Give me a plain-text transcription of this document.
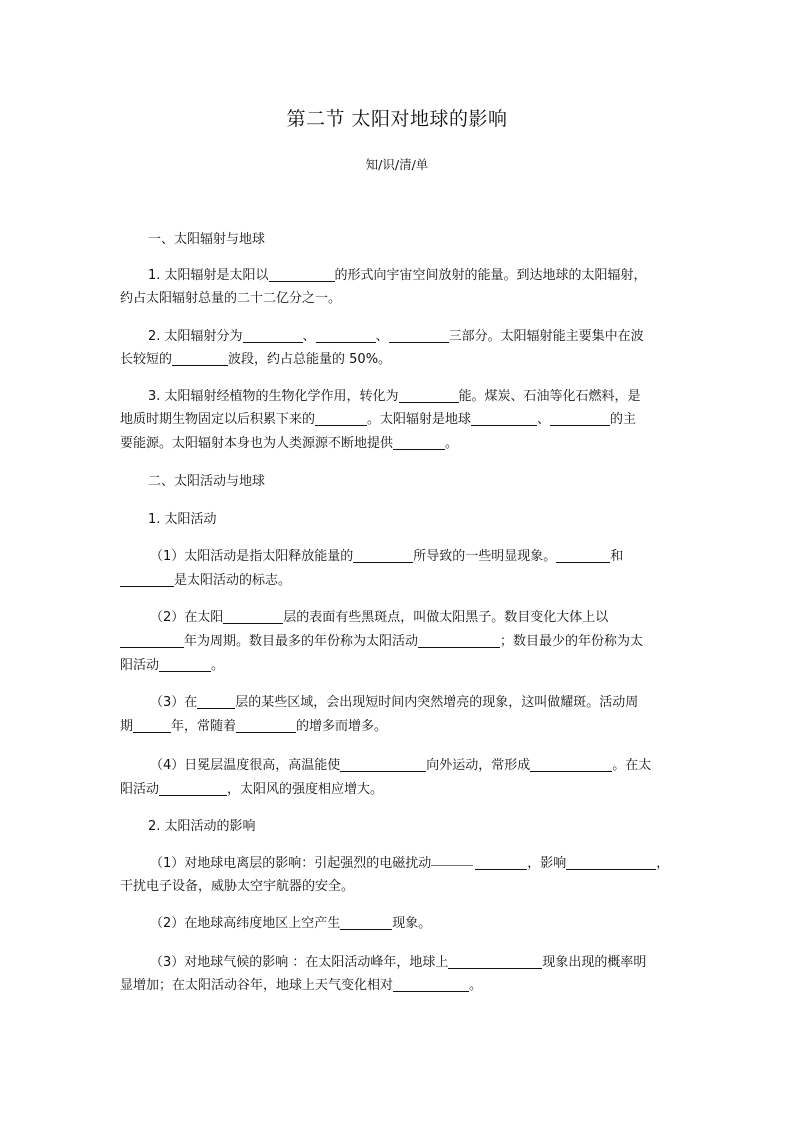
第二节 太阳对地球的影响
知/识/清/单
一、太阳辐射与地球
1. 太阳辐射是太阳以	的形式向宇宙空间放射的能量。到达地球的太阳辐射，
约占太阳辐射总量的二十二亿分之一。
2. 太阳辐射分为	、	、	三部分。太阳辐射能主要集中在波
长较短的	波段，约占总能量的 50%。
3. 太阳辐射经植物的生物化学作用，转化为	能。煤炭、石油等化石燃料，是
地质时期生物固定以后积累下来的	。太阳辐射是地球	、	的主
要能源。太阳辐射本身也为人类源源不断地提供	。
二、太阳活动与地球
1. 太阳活动
（1）太阳活动是指太阳释放能量的	所导致的一些明显现象。	和
是太阳活动的标志。
（2）在太阳	层的表面有些黑斑点，叫做太阳黑子。数目变化大体上以
年为周期。数目最多的年份称为太阳活动	；数目最少的年份称为太
阳活动	。
（3）在	层的某些区域，会出现短时间内突然增亮的现象，这叫做耀斑。活动周
期	年，常随着	的增多而增多。
（4）日冕层温度很高，高温能使	向外运动，常形成	。在太
阳活动	，太阳风的强度相应增大。
2. 太阳活动的影响
（1）对地球电离层的影响：引起强烈的电磁扰动	，影响	，
干扰电子设备，威胁太空宇航器的安全。
（2）在地球高纬度地区上空产生	现象。
（3）对地球气候的影响 ：在太阳活动峰年，地球上	现象出现的概率明
显增加；在太阳活动谷年，地球上天气变化相对	。
